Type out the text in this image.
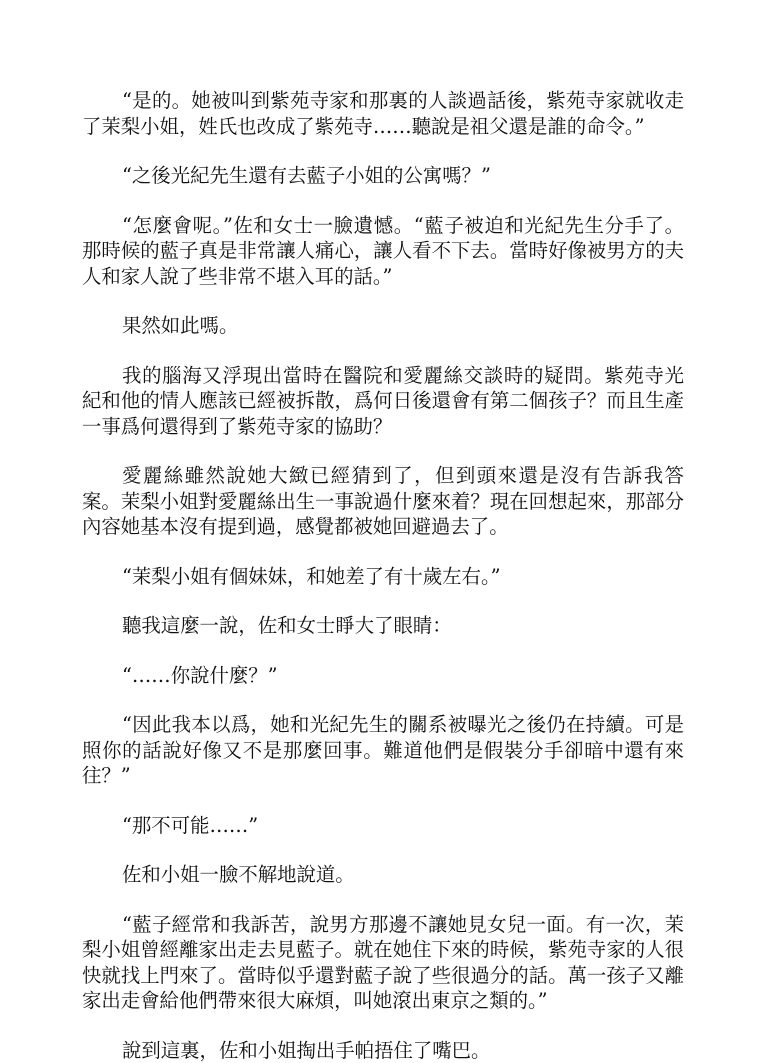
“是的。她被叫到紫苑寺家和那裏的人談過話後，紫苑寺家就收走了茉梨小姐，姓氏也改成了紫苑寺……聽說是祖父還是誰的命令。”

“之後光紀先生還有去藍子小姐的公寓嗎？”

“怎麼會呢。”佐和女士一臉遺憾。“藍子被迫和光紀先生分手了。那時候的藍子真是非常讓人痛心，讓人看不下去。當時好像被男方的夫人和家人說了些非常不堪入耳的話。”

果然如此嗎。

我的腦海又浮現出當時在醫院和愛麗絲交談時的疑問。紫苑寺光紀和他的情人應該已經被拆散，爲何日後還會有第二個孩子？而且生產一事爲何還得到了紫苑寺家的協助？

愛麗絲雖然說她大緻已經猜到了，但到頭來還是沒有告訴我答案。茉梨小姐對愛麗絲出生一事說過什麼來着？現在回想起來，那部分內容她基本沒有提到過，感覺都被她回避過去了。

“茉梨小姐有個妹妹，和她差了有十歲左右。”

聽我這麼一說，佐和女士睜大了眼睛：

“……你說什麼？”

“因此我本以爲，她和光紀先生的關系被曝光之後仍在持續。可是照你的話說好像又不是那麼回事。難道他們是假裝分手卻暗中還有來往？”

“那不可能……”

佐和小姐一臉不解地說道。

“藍子經常和我訴苦，說男方那邊不讓她見女兒一面。有一次，茉梨小姐曾經離家出走去見藍子。就在她住下來的時候，紫苑寺家的人很快就找上門來了。當時似乎還對藍子說了些很過分的話。萬一孩子又離家出走會給他們帶來很大麻煩，叫她滾出東京之類的。”

說到這裏，佐和小姐掏出手帕捂住了嘴巴。
